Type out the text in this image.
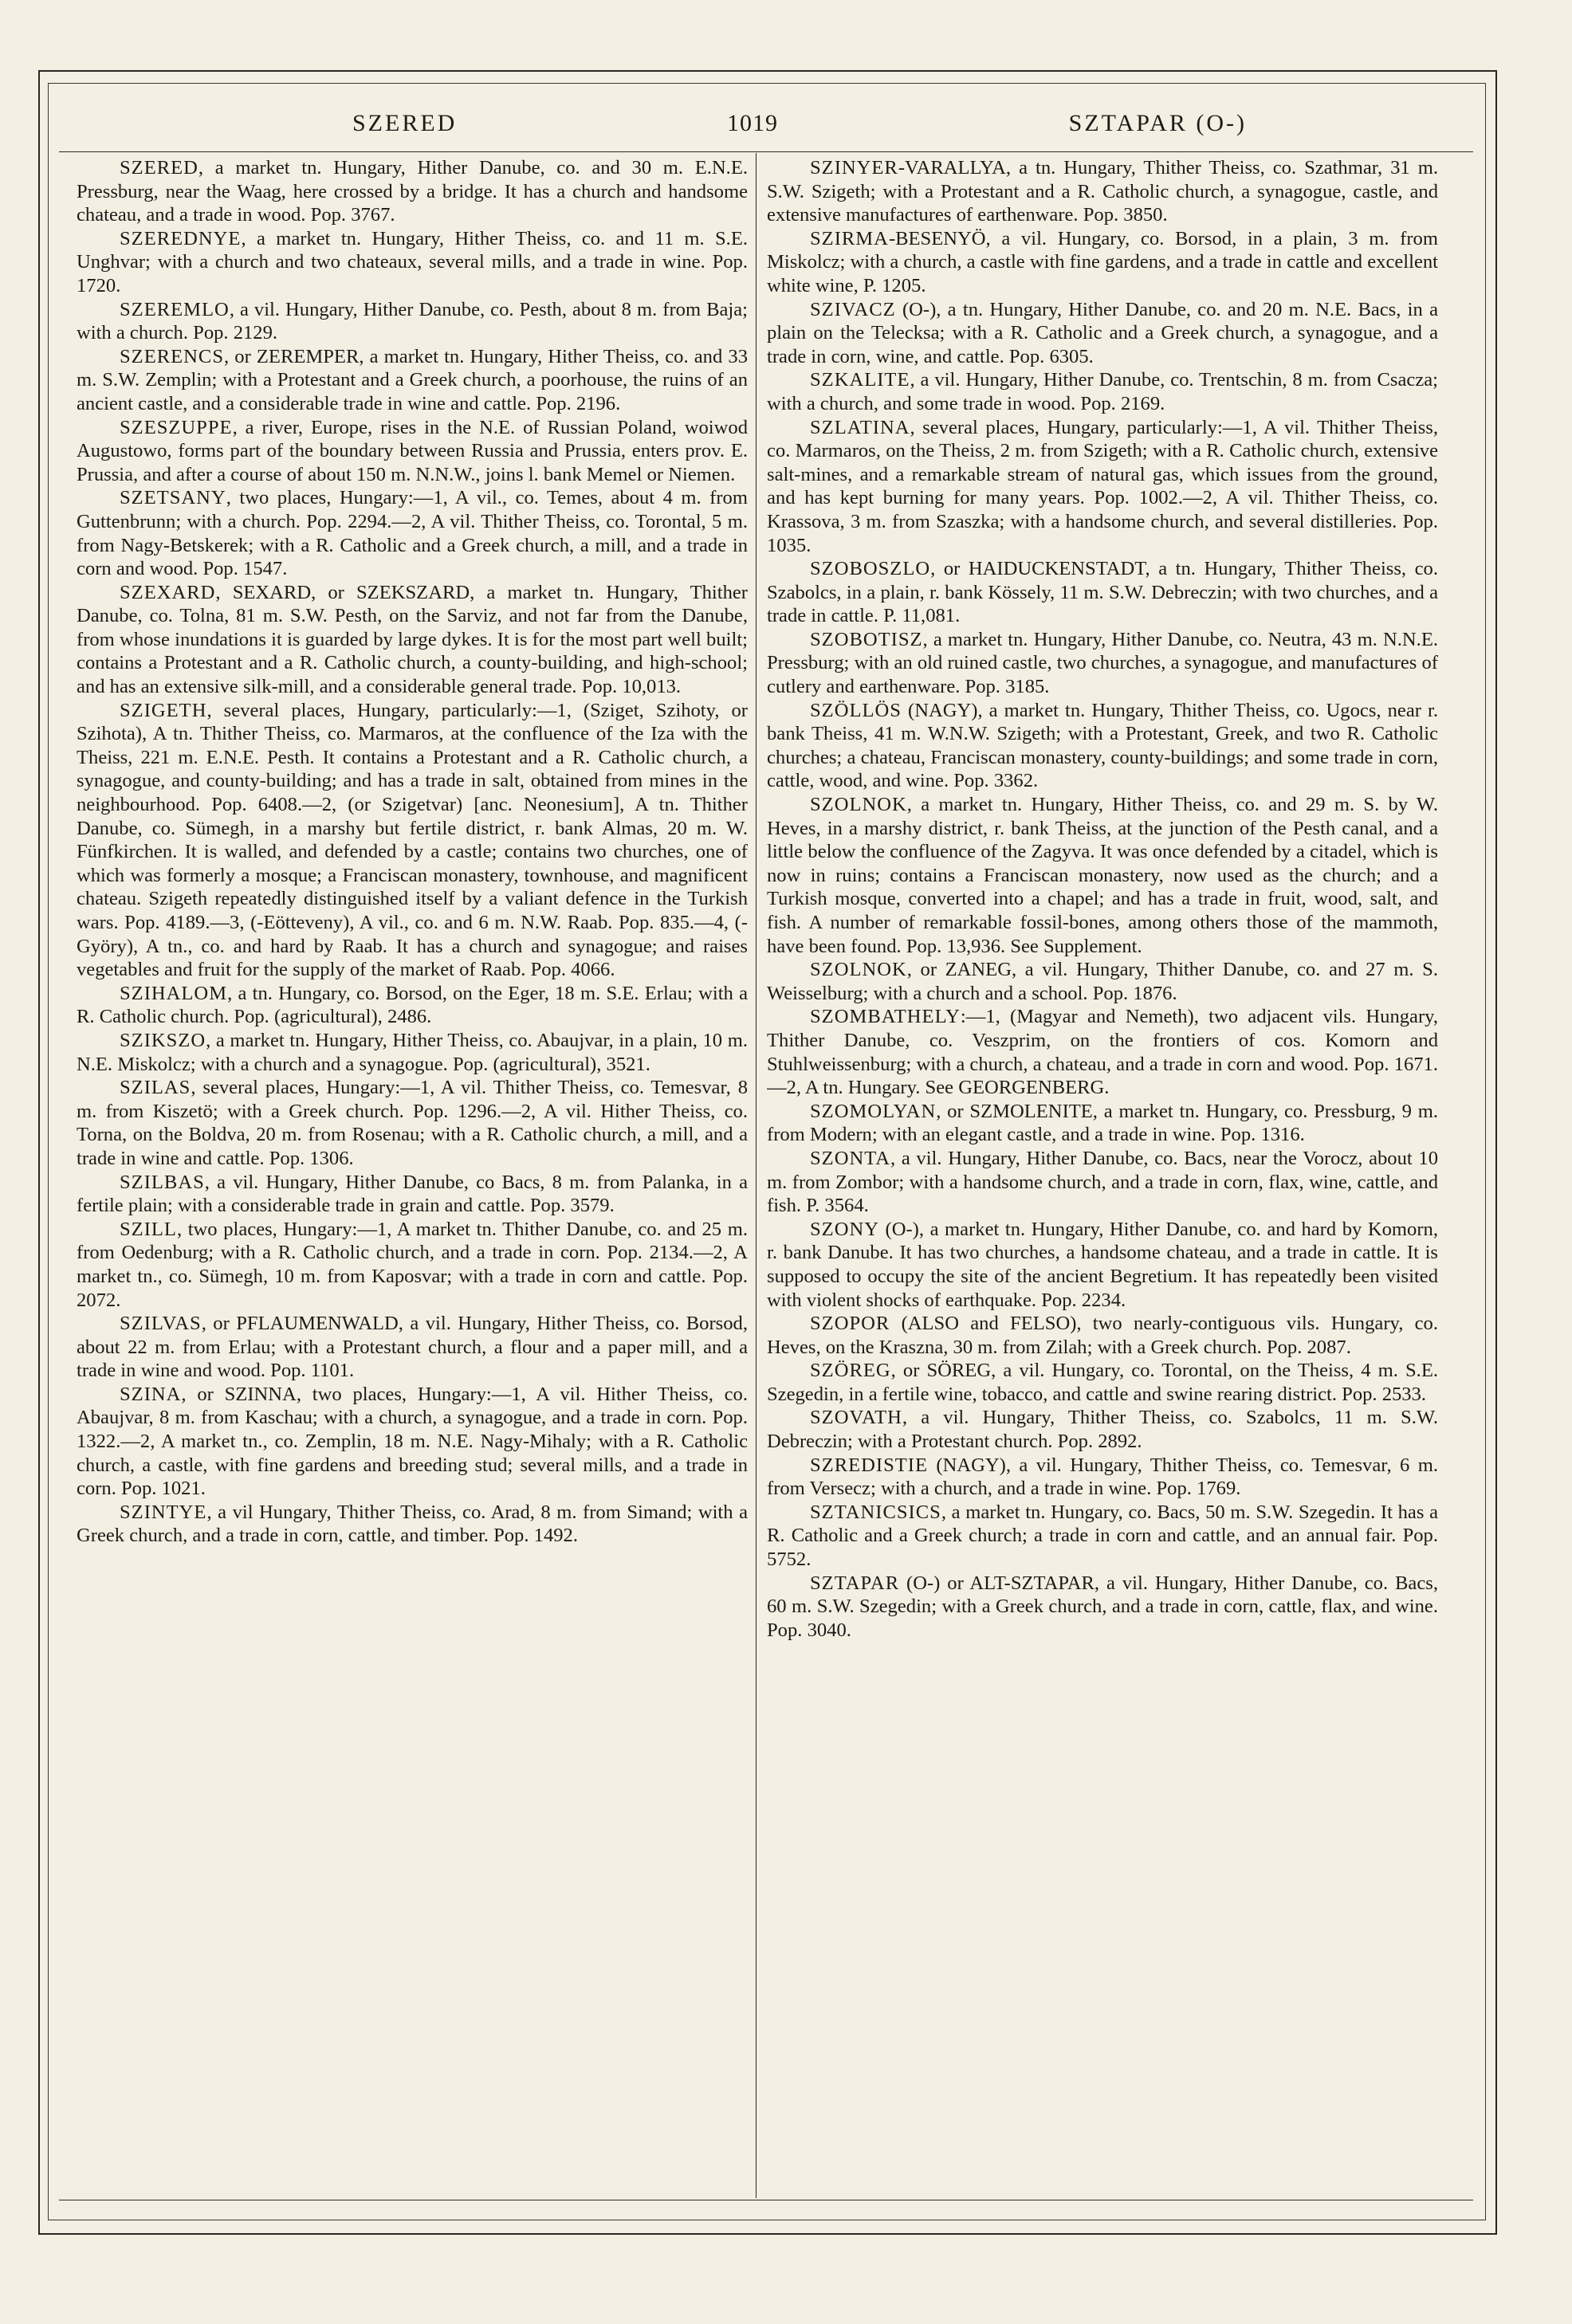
SZERED	1019	SZTAPAR (O-)

SZERED, a market tn. Hungary, Hither Danube, co. and 30 m. E.N.E. Pressburg, near the Waag, here crossed by a bridge. It has a church and handsome chateau, and a trade in wood. Pop. 3767.

SZEREDNYE, a market tn. Hungary, Hither Theiss, co. and 11 m. S.E. Unghvar; with a church and two chateaux, several mills, and a trade in wine. Pop. 1720.

SZEREMLO, a vil. Hungary, Hither Danube, co. Pesth, about 8 m. from Baja; with a church. Pop. 2129.

SZERENCS, or ZEREMPER, a market tn. Hungary, Hither Theiss, co. and 33 m. S.W. Zemplin; with a Protestant and a Greek church, a poorhouse, the ruins of an ancient castle, and a considerable trade in wine and cattle. Pop. 2196.

SZESZUPPE, a river, Europe, rises in the N.E. of Russian Poland, woiwod Augustowo, forms part of the boundary between Russia and Prussia, enters prov. E. Prussia, and after a course of about 150 m. N.N.W., joins l. bank Memel or Niemen.

SZETSANY, two places, Hungary:—1, A vil., co. Temes, about 4 m. from Guttenbrunn; with a church. Pop. 2294.—2, A vil. Thither Theiss, co. Torontal, 5 m. from Nagy-Betskerek; with a R. Catholic and a Greek church, a mill, and a trade in corn and wood. Pop. 1547.

SZEXARD, SEXARD, or SZEKSZARD, a market tn. Hungary, Thither Danube, co. Tolna, 81 m. S.W. Pesth, on the Sarviz, and not far from the Danube, from whose inundations it is guarded by large dykes. It is for the most part well built; contains a Protestant and a R. Catholic church, a county-building, and high-school; and has an extensive silk-mill, and a considerable general trade. Pop. 10,013.

SZIGETH, several places, Hungary, particularly:—1, (Sziget, Szihoty, or Szihota), A tn. Thither Theiss, co. Marmaros, at the confluence of the Iza with the Theiss, 221 m. E.N.E. Pesth. It contains a Protestant and a R. Catholic church, a synagogue, and county-building; and has a trade in salt, obtained from mines in the neighbourhood. Pop. 6408.—2, (or Szigetvar) [anc. Neonesium], A tn. Thither Danube, co. Sümegh, in a marshy but fertile district, r. bank Almas, 20 m. W. Fünfkirchen. It is walled, and defended by a castle; contains two churches, one of which was formerly a mosque; a Franciscan monastery, townhouse, and magnificent chateau. Szigeth repeatedly distinguished itself by a valiant defence in the Turkish wars. Pop. 4189.—3, (-Eötteveny), A vil., co. and 6 m. N.W. Raab. Pop. 835.—4, (-Györy), A tn., co. and hard by Raab. It has a church and synagogue; and raises vegetables and fruit for the supply of the market of Raab. Pop. 4066.

SZIHALOM, a tn. Hungary, co. Borsod, on the Eger, 18 m. S.E. Erlau; with a R. Catholic church. Pop. (agricultural), 2486.

SZIKSZO, a market tn. Hungary, Hither Theiss, co. Abaujvar, in a plain, 10 m. N.E. Miskolcz; with a church and a synagogue. Pop. (agricultural), 3521.

SZILAS, several places, Hungary:—1, A vil. Thither Theiss, co. Temesvar, 8 m. from Kiszetö; with a Greek church. Pop. 1296.—2, A vil. Hither Theiss, co. Torna, on the Boldva, 20 m. from Rosenau; with a R. Catholic church, a mill, and a trade in wine and cattle. Pop. 1306.

SZILBAS, a vil. Hungary, Hither Danube, co Bacs, 8 m. from Palanka, in a fertile plain; with a considerable trade in grain and cattle. Pop. 3579.

SZILL, two places, Hungary:—1, A market tn. Thither Danube, co. and 25 m. from Oedenburg; with a R. Catholic church, and a trade in corn. Pop. 2134.—2, A market tn., co. Sümegh, 10 m. from Kaposvar; with a trade in corn and cattle. Pop. 2072.

SZILVAS, or PFLAUMENWALD, a vil. Hungary, Hither Theiss, co. Borsod, about 22 m. from Erlau; with a Protestant church, a flour and a paper mill, and a trade in wine and wood. Pop. 1101.

SZINA, or SZINNA, two places, Hungary:—1, A vil. Hither Theiss, co. Abaujvar, 8 m. from Kaschau; with a church, a synagogue, and a trade in corn. Pop. 1322.—2, A market tn., co. Zemplin, 18 m. N.E. Nagy-Mihaly; with a R. Catholic church, a castle, with fine gardens and breeding stud; several mills, and a trade in corn. Pop. 1021.

SZINTYE, a vil Hungary, Thither Theiss, co. Arad, 8 m. from Simand; with a Greek church, and a trade in corn, cattle, and timber. Pop. 1492.

SZINYER-VARALLYA, a tn. Hungary, Thither Theiss, co. Szathmar, 31 m. S.W. Szigeth; with a Protestant and a R. Catholic church, a synagogue, castle, and extensive manufactures of earthenware. Pop. 3850.

SZIRMA-BESENYÖ, a vil. Hungary, co. Borsod, in a plain, 3 m. from Miskolcz; with a church, a castle with fine gardens, and a trade in cattle and excellent white wine, P. 1205.

SZIVACZ (O-), a tn. Hungary, Hither Danube, co. and 20 m. N.E. Bacs, in a plain on the Telecksa; with a R. Catholic and a Greek church, a synagogue, and a trade in corn, wine, and cattle. Pop. 6305.

SZKALITE, a vil. Hungary, Hither Danube, co. Trentschin, 8 m. from Csacza; with a church, and some trade in wood. Pop. 2169.

SZLATINA, several places, Hungary, particularly:—1, A vil. Thither Theiss, co. Marmaros, on the Theiss, 2 m. from Szigeth; with a R. Catholic church, extensive salt-mines, and a remarkable stream of natural gas, which issues from the ground, and has kept burning for many years. Pop. 1002.—2, A vil. Thither Theiss, co. Krassova, 3 m. from Szaszka; with a handsome church, and several distilleries. Pop. 1035.

SZOBOSZLO, or HAIDUCKENSTADT, a tn. Hungary, Thither Theiss, co. Szabolcs, in a plain, r. bank Kössely, 11 m. S.W. Debreczin; with two churches, and a trade in cattle. P. 11,081.

SZOBOTISZ, a market tn. Hungary, Hither Danube, co. Neutra, 43 m. N.N.E. Pressburg; with an old ruined castle, two churches, a synagogue, and manufactures of cutlery and earthenware. Pop. 3185.

SZÖLLÖS (NAGY), a market tn. Hungary, Thither Theiss, co. Ugocs, near r. bank Theiss, 41 m. W.N.W. Szigeth; with a Protestant, Greek, and two R. Catholic churches; a chateau, Franciscan monastery, county-buildings; and some trade in corn, cattle, wood, and wine. Pop. 3362.

SZOLNOK, a market tn. Hungary, Hither Theiss, co. and 29 m. S. by W. Heves, in a marshy district, r. bank Theiss, at the junction of the Pesth canal, and a little below the confluence of the Zagyva. It was once defended by a citadel, which is now in ruins; contains a Franciscan monastery, now used as the church; and a Turkish mosque, converted into a chapel; and has a trade in fruit, wood, salt, and fish. A number of remarkable fossil-bones, among others those of the mammoth, have been found. Pop. 13,936. See Supplement.

SZOLNOK, or ZANEG, a vil. Hungary, Thither Danube, co. and 27 m. S. Weisselburg; with a church and a school. Pop. 1876.

SZOMBATHELY:—1, (Magyar and Nemeth), two adjacent vils. Hungary, Thither Danube, co. Veszprim, on the frontiers of cos. Komorn and Stuhlweissenburg; with a church, a chateau, and a trade in corn and wood. Pop. 1671.—2, A tn. Hungary. See GEORGENBERG.

SZOMOLYAN, or SZMOLENITE, a market tn. Hungary, co. Pressburg, 9 m. from Modern; with an elegant castle, and a trade in wine. Pop. 1316.

SZONTA, a vil. Hungary, Hither Danube, co. Bacs, near the Vorocz, about 10 m. from Zombor; with a handsome church, and a trade in corn, flax, wine, cattle, and fish. P. 3564.

SZONY (O-), a market tn. Hungary, Hither Danube, co. and hard by Komorn, r. bank Danube. It has two churches, a handsome chateau, and a trade in cattle. It is supposed to occupy the site of the ancient Begretium. It has repeatedly been visited with violent shocks of earthquake. Pop. 2234.

SZOPOR (ALSO and FELSO), two nearly-contiguous vils. Hungary, co. Heves, on the Kraszna, 30 m. from Zilah; with a Greek church. Pop. 2087.

SZÖREG, or SÖREG, a vil. Hungary, co. Torontal, on the Theiss, 4 m. S.E. Szegedin, in a fertile wine, tobacco, and cattle and swine rearing district. Pop. 2533.

SZOVATH, a vil. Hungary, Thither Theiss, co. Szabolcs, 11 m. S.W. Debreczin; with a Protestant church. Pop. 2892.

SZREDISTIE (NAGY), a vil. Hungary, Thither Theiss, co. Temesvar, 6 m. from Versecz; with a church, and a trade in wine. Pop. 1769.

SZTANICSICS, a market tn. Hungary, co. Bacs, 50 m. S.W. Szegedin. It has a R. Catholic and a Greek church; a trade in corn and cattle, and an annual fair. Pop. 5752.

SZTAPAR (O-) or ALT-SZTAPAR, a vil. Hungary, Hither Danube, co. Bacs, 60 m. S.W. Szegedin; with a Greek church, and a trade in corn, cattle, flax, and wine. Pop. 3040.
